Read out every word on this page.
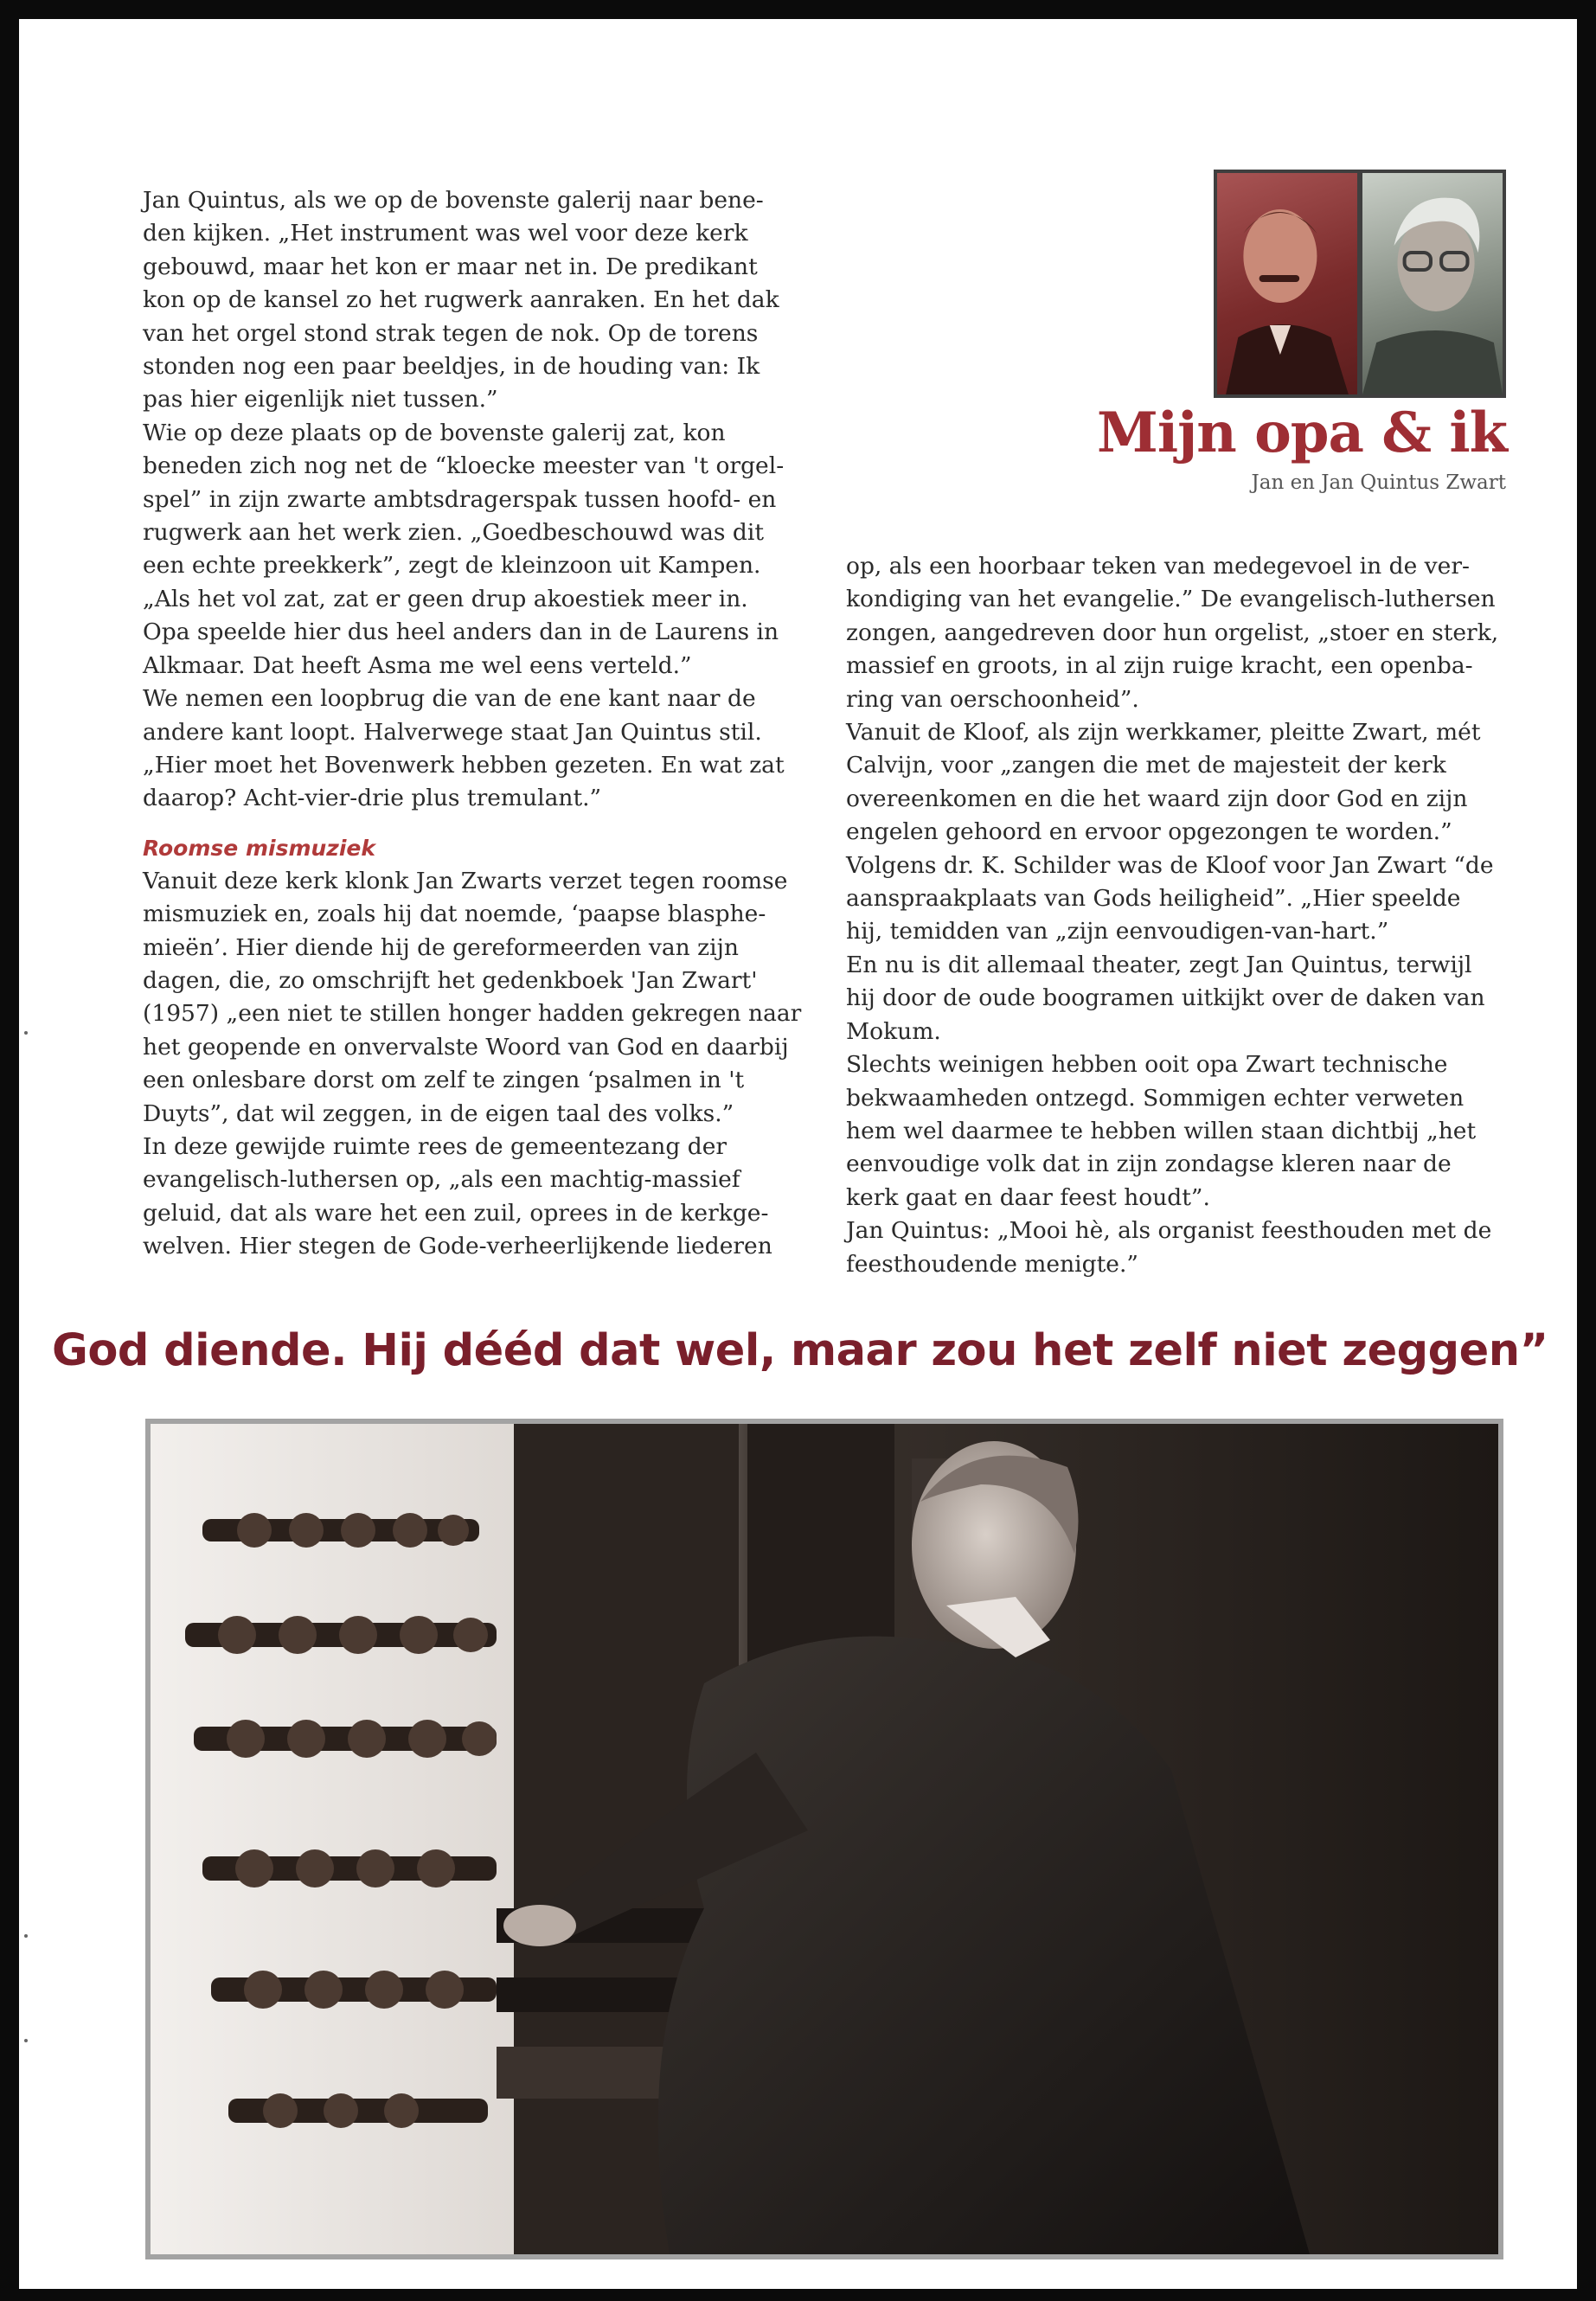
Mijn opa & ik
Jan en Jan Quintus Zwart

Jan Quintus, als we op de bovenste galerij naar bene-

den kijken. „Het instrument was wel voor deze kerk

gebouwd, maar het kon er maar net in. De predikant

kon op de kansel zo het rugwerk aanraken. En het dak

van het orgel stond strak tegen de nok. Op de torens

stonden nog een paar beeldjes, in de houding van: Ik

pas hier eigenlijk niet tussen.”

Wie op deze plaats op de bovenste galerij zat, kon

beneden zich nog net de “kloecke meester van 't orgel-

spel” in zijn zwarte ambtsdragerspak tussen hoofd- en

rugwerk aan het werk zien. „Goedbeschouwd was dit

een echte preekkerk”, zegt de kleinzoon uit Kampen.

„Als het vol zat, zat er geen drup akoestiek meer in.

Opa speelde hier dus heel anders dan in de Laurens in

Alkmaar. Dat heeft Asma me wel eens verteld.”

We nemen een loopbrug die van de ene kant naar de

andere kant loopt. Halverwege staat Jan Quintus stil.

„Hier moet het Bovenwerk hebben gezeten. En wat zat

daarop? Acht-vier-drie plus tremulant.”

Roomse mismuziek

Vanuit deze kerk klonk Jan Zwarts verzet tegen roomse

mismuziek en, zoals hij dat noemde, ‘paapse blasphe-

mieën’. Hier diende hij de gereformeerden van zijn

dagen, die, zo omschrijft het gedenkboek 'Jan Zwart'

(1957) „een niet te stillen honger hadden gekregen naar

het geopende en onvervalste Woord van God en daarbij

een onlesbare dorst om zelf te zingen ‘psalmen in 't

Duyts”, dat wil zeggen, in de eigen taal des volks.”

In deze gewijde ruimte rees de gemeentezang der

evangelisch-luthersen op, „als een machtig-massief

geluid, dat als ware het een zuil, oprees in de kerkge-

welven. Hier stegen de Gode-verheerlijkende liederen

op, als een hoorbaar teken van medegevoel in de ver-

kondiging van het evangelie.” De evangelisch-luthersen

zongen, aangedreven door hun orgelist, „stoer en sterk,

massief en groots, in al zijn ruige kracht, een openba-

ring van oerschoonheid”.

Vanuit de Kloof, als zijn werkkamer, pleitte Zwart, mét

Calvijn, voor „zangen die met de majesteit der kerk

overeenkomen en die het waard zijn door God en zijn

engelen gehoord en ervoor opgezongen te worden.”

Volgens dr. K. Schilder was de Kloof voor Jan Zwart “de

aanspraakplaats van Gods heiligheid”. „Hier speelde

hij, temidden van „zijn eenvoudigen-van-hart.”

En nu is dit allemaal theater, zegt Jan Quintus, terwijl

hij door de oude boogramen uitkijkt over de daken van

Mokum.

Slechts weinigen hebben ooit opa Zwart technische

bekwaamheden ontzegd. Sommigen echter verweten

hem wel daarmee te hebben willen staan dichtbij „het

eenvoudige volk dat in zijn zondagse kleren naar de

kerk gaat en daar feest houdt”.

Jan Quintus: „Mooi hè, als organist feesthouden met de

feesthoudende menigte.”

God diende. Hij dééd dat wel, maar zou het zelf niet zeggen”
